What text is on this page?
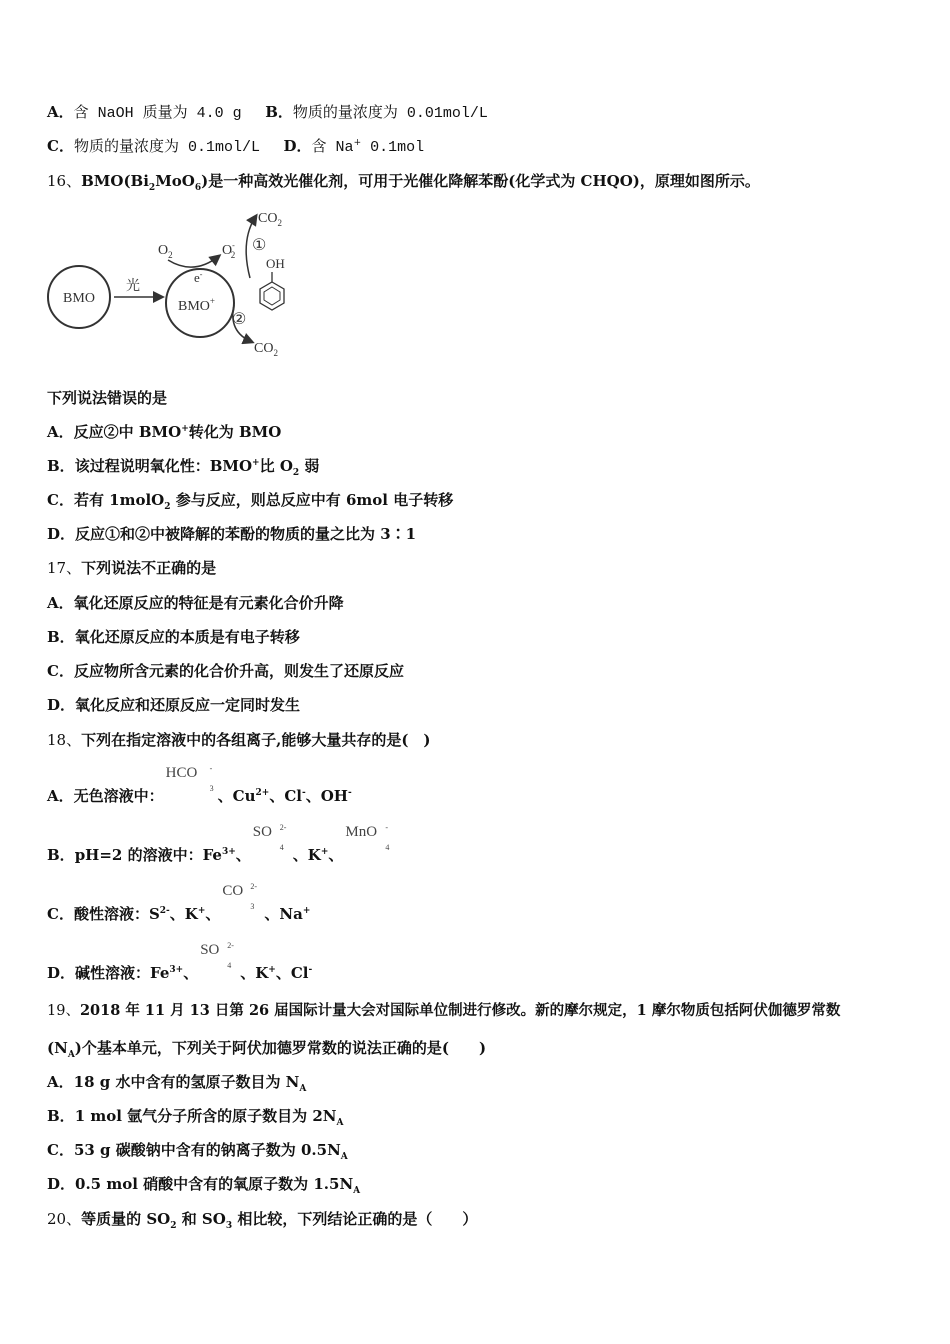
A．含 NaOH 质量为 4.0 g B．物质的量浓度为 0.01mol/L
C．物质的量浓度为 0.1mol/L D．含 Na+ 0.1mol
16、$BMO(Bi_2MoO_6)$是一种高效光催化剂，可用于光催化降解苯酚(化学式为 CHQO)，原理如图所示。
BMO
光
BMO+
e-
$O_2$	O-2
①
$CO_2$
OH
②
$CO_2$
下列说法错误的是
A．反应②中 BMO+转化为 BMO
B．该过程说明氧化性：BMO+比 $O_2$ 弱
C．若有 1molO$_2$ 参与反应，则总反应中有 6mol 电子转移
D．反应①和②中被降解的苯酚的物质的量之比为 3∶1
17、下列说法不正确的是
A．氧化还原反应的特征是有元素化合价升降
B．氧化还原反应的本质是有电子转移
C．反应物所含元素的化合价升高，则发生了还原反应
D．氧化反应和还原反应一定同时发生
18、下列在指定溶液中的各组离子,能够大量共存的是(　)
A．无色溶液中：
HCO -
3 、$Cu^{2+}$、Cl-、OH-
B．pH=2 的溶液中：$Fe^{3+}$、
SO 2-
4 、K+、
MnO -
4
C．酸性溶液：$S^{2-}$、K+、
CO 2-
3 、Na+
D．碱性溶液：$Fe^{3+}$、
SO 2-
4 、K+、Cl-
19、2018 年 11 月 13 日第 26 届国际计量大会对国际单位制进行修改。新的摩尔规定，1 摩尔物质包括阿伏伽德罗常数
$(N_A)$个基本单元，下列关于阿伏加德罗常数的说法正确的是(　　)
A．18 g 水中含有的氢原子数目为 $N_A$
B．1 mol 氩气分子所含的原子数目为 $2N_A$
C．53 g 碳酸钠中含有的钠离子数为 $0.5N_A$
D．0.5 mol 硝酸中含有的氧原子数为 $1.5N_A$
20、等质量的 $SO_2$ 和 $SO_3$ 相比较，下列结论正确的是（　　）
